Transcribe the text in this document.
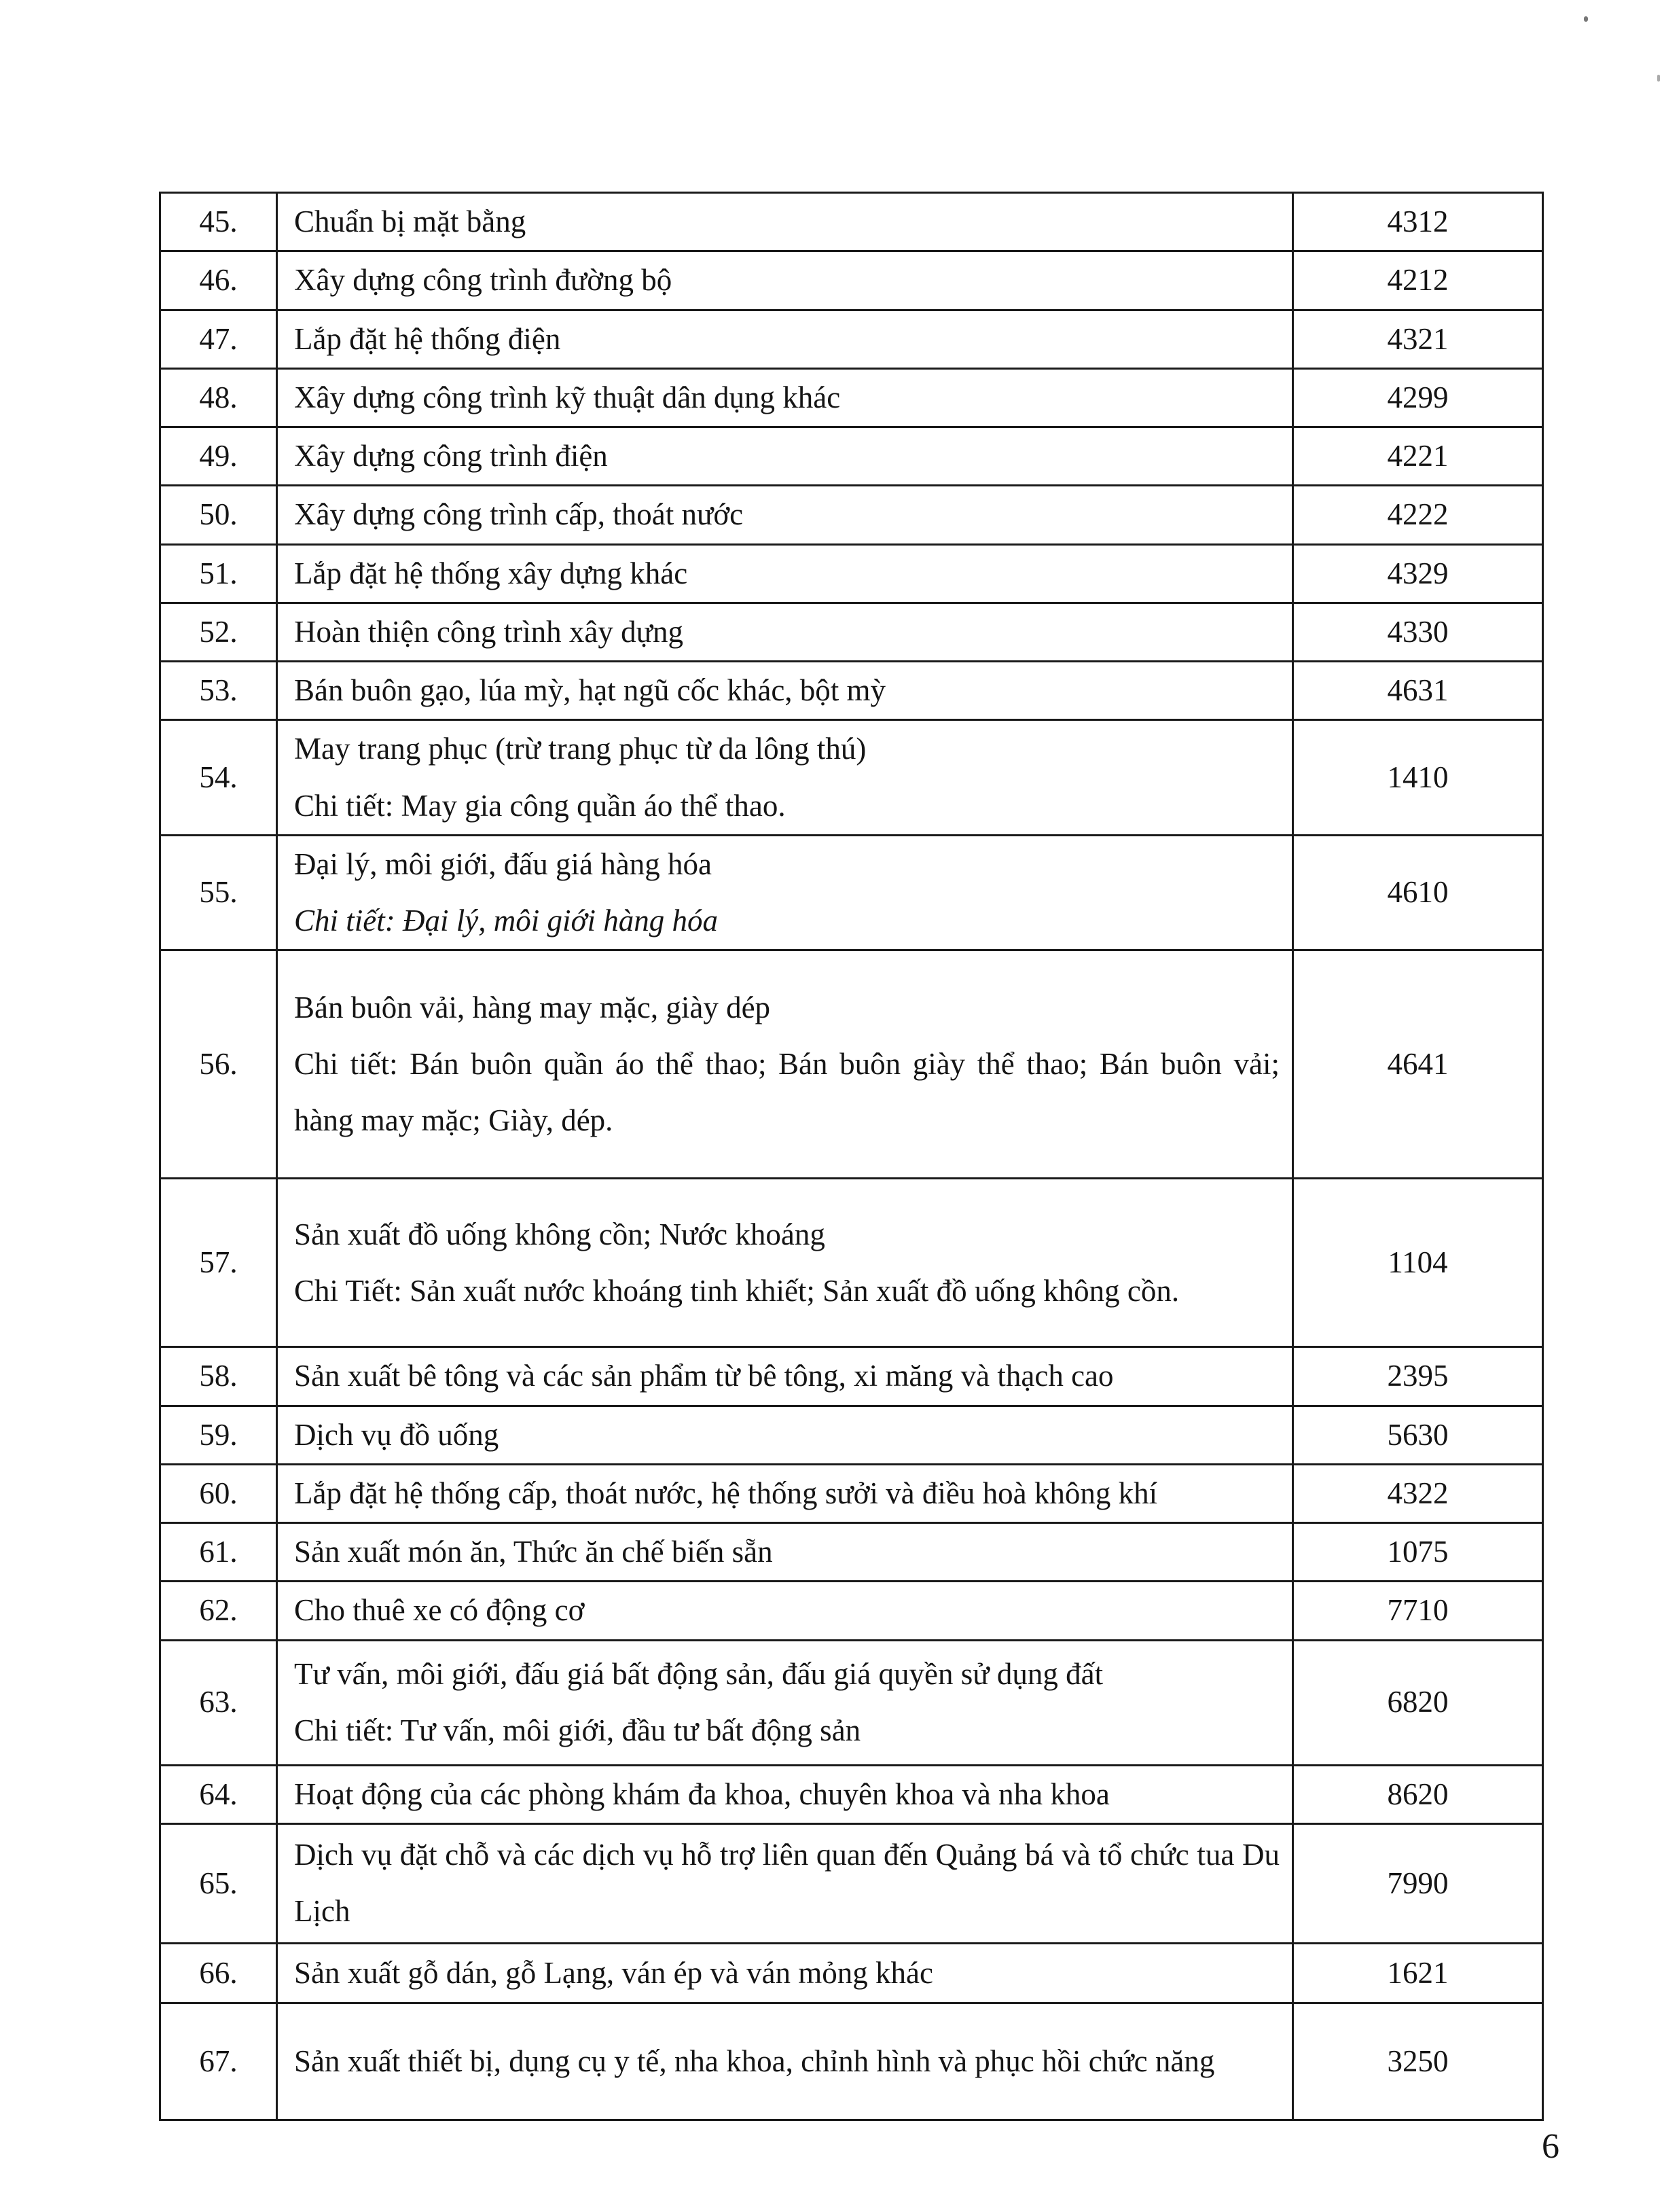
45.	Chuẩn bị mặt bằng	4312
46.	Xây dựng công trình đường bộ	4212
47.	Lắp đặt hệ thống điện	4321
48.	Xây dựng công trình kỹ thuật dân dụng khác	4299
49.	Xây dựng công trình điện	4221
50.	Xây dựng công trình cấp, thoát nước	4222
51.	Lắp đặt hệ thống xây dựng khác	4329
52.	Hoàn thiện công trình xây dựng	4330
53.	Bán buôn gạo, lúa mỳ, hạt ngũ cốc khác, bột mỳ	4631
54.	May trang phục (trừ trang phục từ da lông thú)
Chi tiết: May gia công quần áo thể thao.	1410
55.	Đại lý, môi giới, đấu giá hàng hóa
Chi tiết: Đại lý, môi giới hàng hóa	4610
56.	Bán buôn vải, hàng may mặc, giày dép
Chi tiết: Bán buôn quần áo thể thao; Bán buôn giày thể thao; Bán buôn vải; hàng may mặc; Giày, dép.	4641
57.	Sản xuất đồ uống không cồn; Nước khoáng
Chi Tiết: Sản xuất nước khoáng tinh khiết; Sản xuất đồ uống không cồn.	1104
58.	Sản xuất bê tông và các sản phẩm từ bê tông, xi măng và thạch cao	2395
59.	Dịch vụ đồ uống	5630
60.	Lắp đặt hệ thống cấp, thoát nước, hệ thống sưởi và điều hoà không khí	4322
61.	Sản xuất món ăn, Thức ăn chế biến sẵn	1075
62.	Cho thuê xe có động cơ	7710
63.	Tư vấn, môi giới, đấu giá bất động sản, đấu giá quyền sử dụng đất
Chi tiết: Tư vấn, môi giới, đầu tư bất động sản	6820
64.	Hoạt động của các phòng khám đa khoa, chuyên khoa và nha khoa	8620
65.	Dịch vụ đặt chỗ và các dịch vụ hỗ trợ liên quan đến Quảng bá và tổ chức tua Du Lịch	7990
66.	Sản xuất gỗ dán, gỗ Lạng, ván ép và ván mỏng khác	1621
67.	Sản xuất thiết bị, dụng cụ y tế, nha khoa, chỉnh hình và phục hồi chức năng	3250
6
